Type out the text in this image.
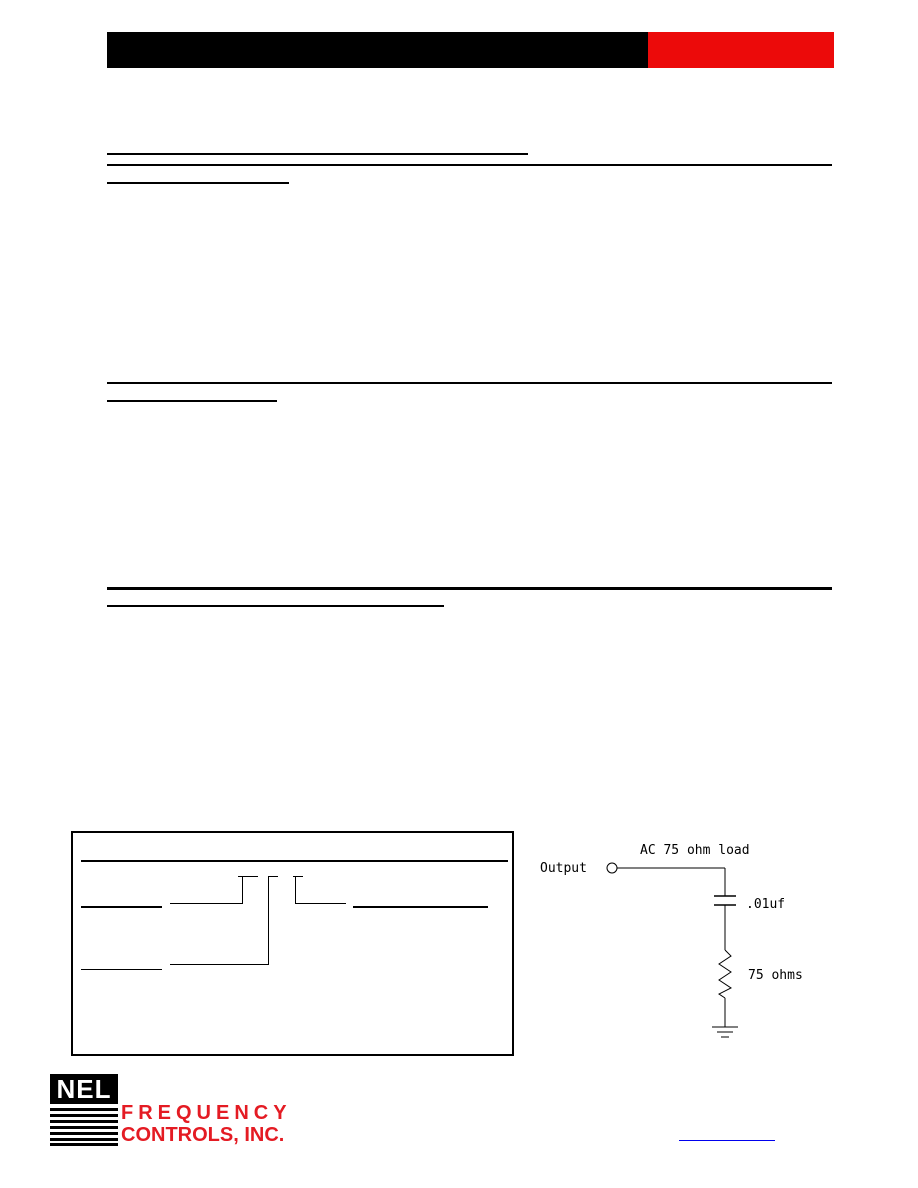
Output
AC 75 ohm load
.01uf
75 ohms
NEL
FREQUENCY
CONTROLS, INC.
